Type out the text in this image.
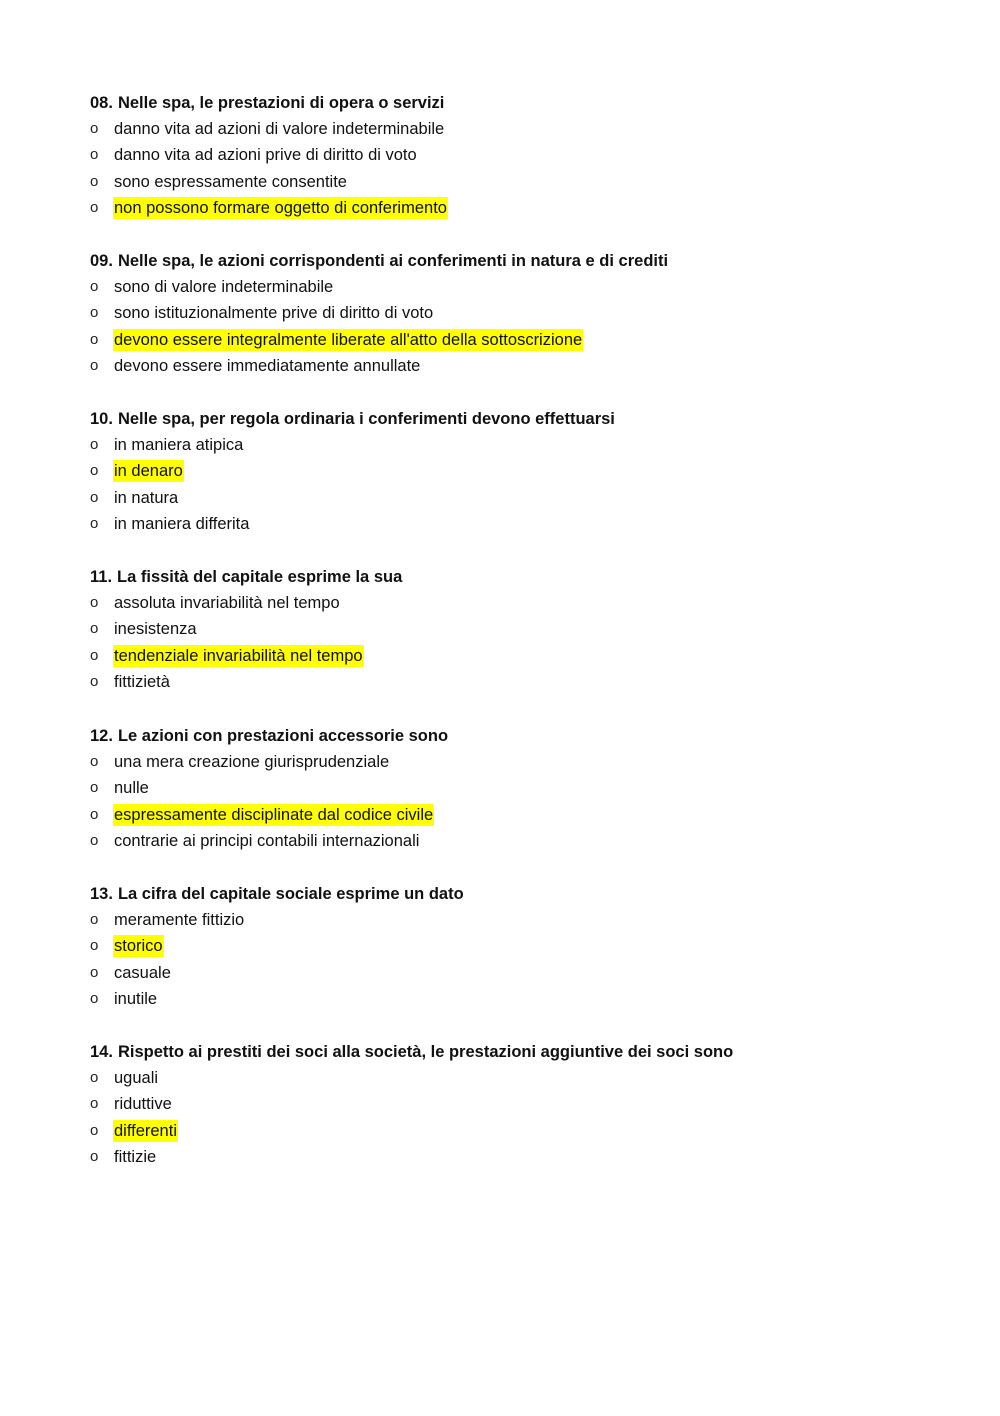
08. Nelle spa, le prestazioni di opera o servizi
o danno vita ad azioni di valore indeterminabile
o danno vita ad azioni prive di diritto di voto
o sono espressamente consentite
o non possono formare oggetto di conferimento
09. Nelle spa, le azioni corrispondenti ai conferimenti in natura e di crediti
o sono di valore indeterminabile
o sono istituzionalmente prive di diritto di voto
o devono essere integralmente liberate all'atto della sottoscrizione
o devono essere immediatamente annullate
10. Nelle spa, per regola ordinaria i conferimenti devono effettuarsi
o in maniera atipica
o in denaro
o in natura
o in maniera differita
11. La fissità del capitale esprime la sua
o assoluta invariabilità nel tempo
o inesistenza
o tendenziale invariabilità nel tempo
o fittizietà
12. Le azioni con prestazioni accessorie sono
o una mera creazione giurisprudenziale
o nulle
o espressamente disciplinate dal codice civile
o contrarie ai principi contabili internazionali
13. La cifra del capitale sociale esprime un dato
o meramente fittizio
o storico
o casuale
o inutile
14. Rispetto ai prestiti dei soci alla società, le prestazioni aggiuntive dei soci sono
o uguali
o riduttive
o differenti
o fittizie
